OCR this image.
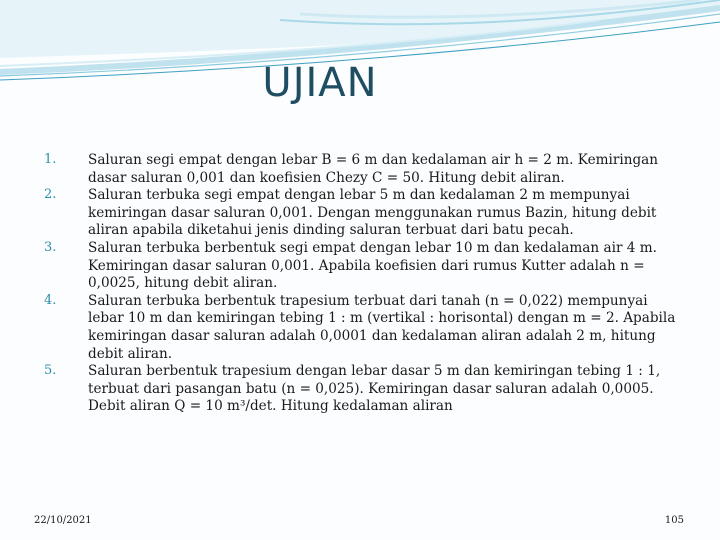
UJIAN
1. Saluran segi empat dengan lebar B = 6 m dan kedalaman air h = 2 m. Kemiringan dasar saluran 0,001 dan koefisien Chezy C = 50. Hitung debit aliran.

2. Saluran terbuka segi empat dengan lebar 5 m dan kedalaman 2 m mempunyai kemiringan dasar saluran 0,001. Dengan menggunakan rumus Bazin, hitung debit aliran apabila diketahui jenis dinding saluran terbuat dari batu pecah.

3. Saluran terbuka berbentuk segi empat dengan lebar 10 m dan kedalaman air 4 m. Kemiringan dasar saluran 0,001. Apabila koefisien dari rumus Kutter adalah n = 0,0025, hitung debit aliran.

4. Saluran terbuka berbentuk trapesium terbuat dari tanah (n = 0,022) mempunyai lebar 10 m dan kemiringan tebing 1 : m (vertikal : horisontal) dengan m = 2. Apabila kemiringan dasar saluran adalah 0,0001 dan kedalaman aliran adalah 2 m, hitung debit aliran.

5. Saluran berbentuk trapesium dengan lebar dasar 5 m dan kemiringan tebing 1 : 1, terbuat dari pasangan batu (n = 0,025). Kemiringan dasar saluran adalah 0,0005. Debit aliran Q = 10 m³/det. Hitung kedalaman aliran

22/10/2021	105
